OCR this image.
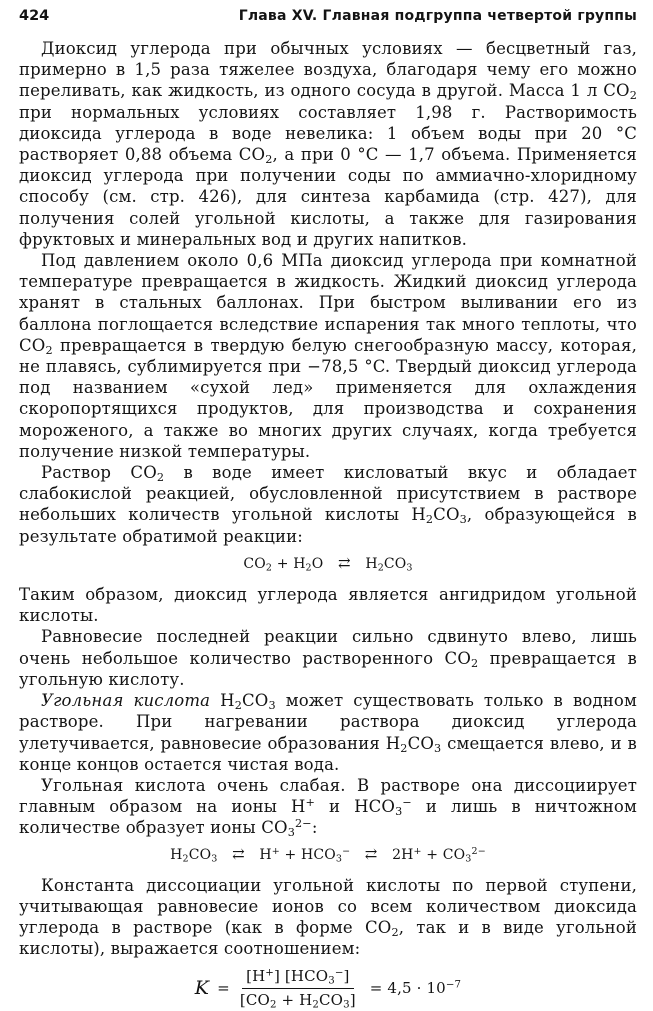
424	Глава XV. Главная подгруппа четвертой группы

Диоксид углерода при обычных условиях — бесцветный газ, примерно в 1,5 раза тяжелее воздуха, благодаря чему его можно переливать, как жидкость, из одного сосуда в другой. Масса 1 л $CO_2$ при нормальных условиях составляет 1,98 г. Растворимость диоксида углерода в воде невелика: 1 объем воды при 20 °C растворяет 0,88 объема $CO_2$, а при 0 °C — 1,7 объема. Применяется диоксид углерода при получении соды по аммиачно-хлоридному способу (см. стр. 426), для синтеза карбамида (стр. 427), для получения солей угольной кислоты, а также для газирования фруктовых и минеральных вод и других напитков.

Под давлением около 0,6 МПа диоксид углерода при комнатной температуре превращается в жидкость. Жидкий диоксид углерода хранят в стальных баллонах. При быстром выливании его из баллона поглощается вследствие испарения так много теплоты, что $CO_2$ превращается в твердую белую снегообразную массу, которая, не плавясь, сублимируется при −78,5 °C. Твердый диоксид углерода под названием «сухой лед» применяется для охлаждения скоропортящихся продуктов, для производства и сохранения мороженого, а также во многих других случаях, когда требуется получение низкой температуры.

Раствор $CO_2$ в воде имеет кисловатый вкус и обладает слабокислой реакцией, обусловленной присутствием в растворе небольших количеств угольной кислоты $H_2CO_3$, образующейся в результате обратимой реакции:

$CO_2 + H_2O$ ⇄ $H_2CO_3$

Таким образом, диоксид углерода является ангидридом угольной кислоты.

Равновесие последней реакции сильно сдвинуто влево, лишь очень небольшое количество растворенного $CO_2$ превращается в угольную кислоту.

Угольная кислота $H_2CO_3$ может существовать только в водном растворе. При нагревании раствора диоксид углерода улетучивается, равновесие образования $H_2CO_3$ смещается влево, и в конце концов остается чистая вода.

Угольная кислота очень слабая. В растворе она диссоциирует главным образом на ионы H+ и $HCO_3^-$ и лишь в ничтожном количестве образует ионы $CO_3^{2-}$:

$H_2CO_3$ ⇄ $H^+ + HCO_3^-$ ⇄ $2H^+ + CO_3^{2-}$

Константа диссоциации угольной кислоты по первой ступени, учитывающая равновесие ионов со всем количеством диоксида углерода в растворе (как в форме $CO_2$, так и в виде угольной кислоты), выражается соотношением:

$K = \frac{[H^+] [HCO_3^-]}{[CO_2 + H_2CO_3]} = 4,5 \cdot 10^{-7}$
